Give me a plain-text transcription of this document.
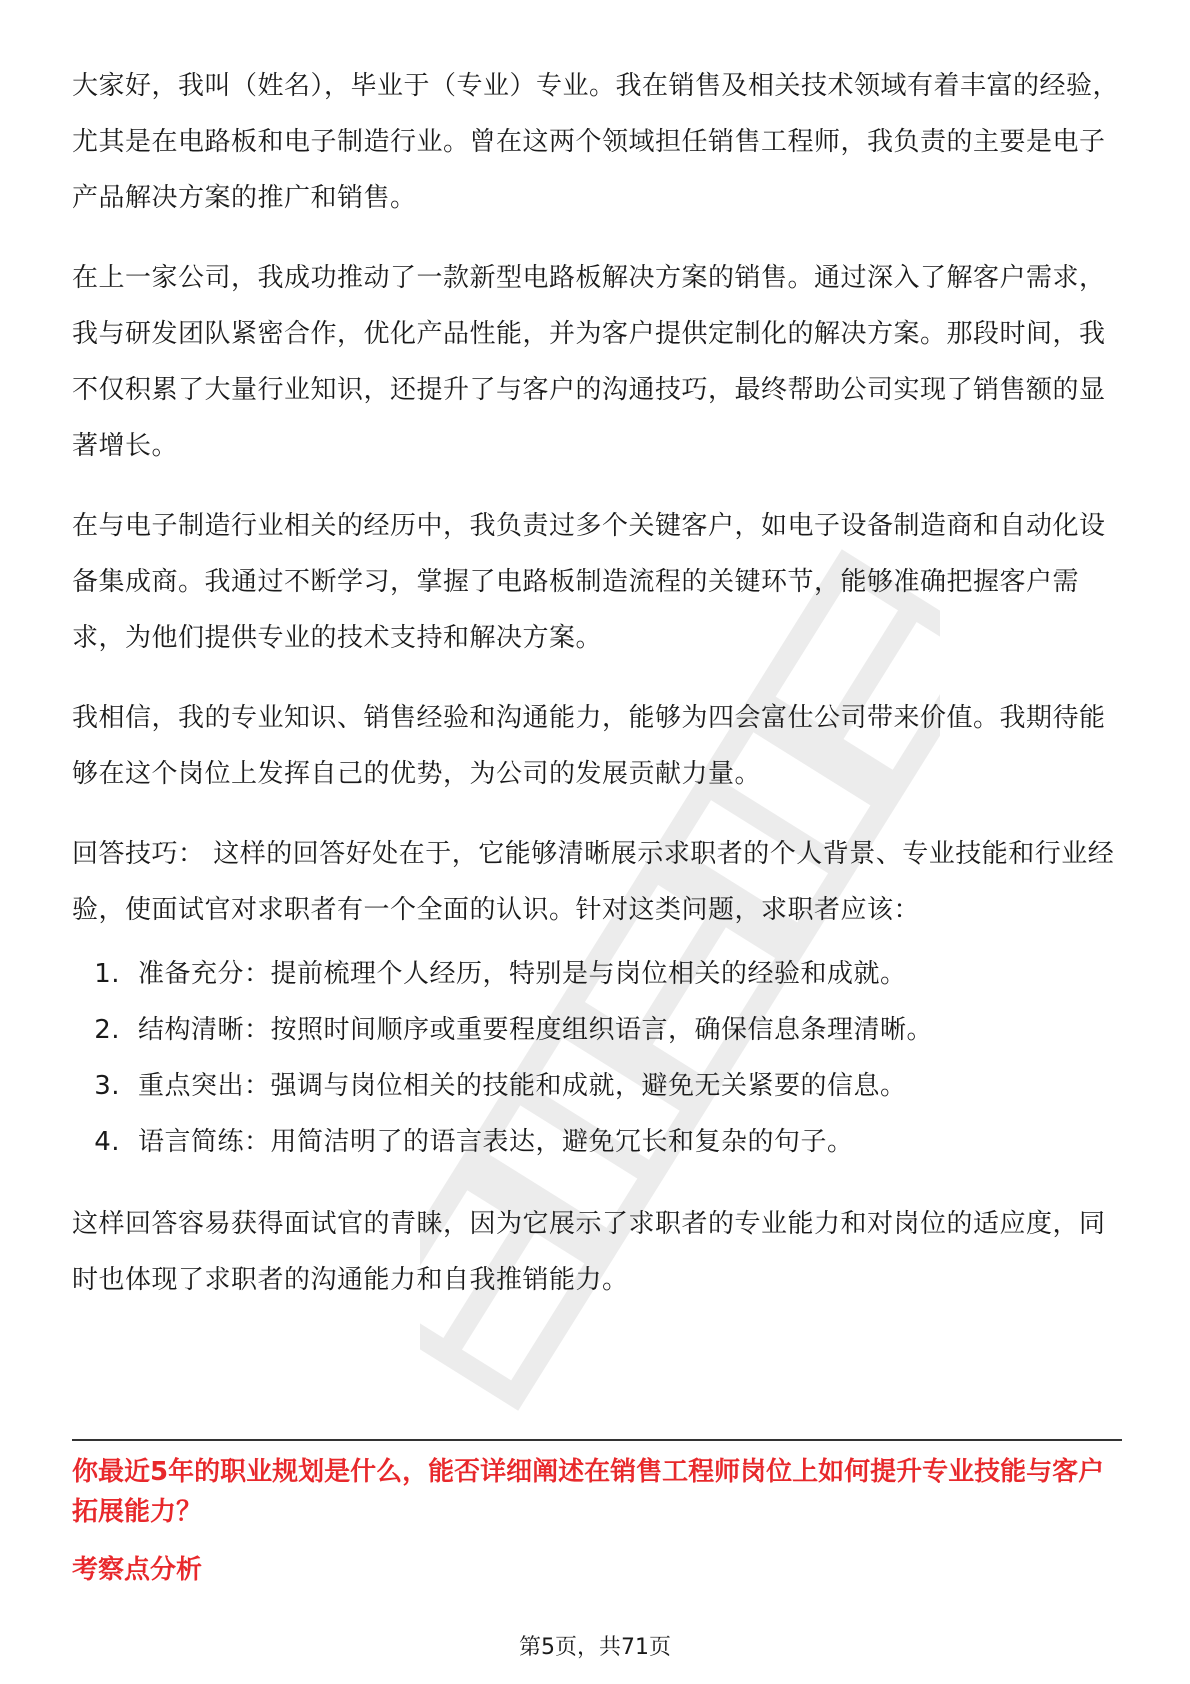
大家好，我叫（姓名），毕业于（专业）专业。我在销售及相关技术领域有着丰富的经验，尤其是在电路板和电子制造行业。曾在这两个领域担任销售工程师，我负责的主要是电子产品解决方案的推广和销售。

在上一家公司，我成功推动了一款新型电路板解决方案的销售。通过深入了解客户需求，我与研发团队紧密合作，优化产品性能，并为客户提供定制化的解决方案。那段时间，我不仅积累了大量行业知识，还提升了与客户的沟通技巧，最终帮助公司实现了销售额的显著增长。

在与电子制造行业相关的经历中，我负责过多个关键客户，如电子设备制造商和自动化设备集成商。我通过不断学习，掌握了电路板制造流程的关键环节，能够准确把握客户需求，为他们提供专业的技术支持和解决方案。

我相信，我的专业知识、销售经验和沟通能力，能够为四会富仕公司带来价值。我期待能够在这个岗位上发挥自己的优势，为公司的发展贡献力量。

回答技巧： 这样的回答好处在于，它能够清晰展示求职者的个人背景、专业技能和行业经验，使面试官对求职者有一个全面的认识。针对这类问题，求职者应该：

1. 准备充分：提前梳理个人经历，特别是与岗位相关的经验和成就。
2. 结构清晰：按照时间顺序或重要程度组织语言，确保信息条理清晰。
3. 重点突出：强调与岗位相关的技能和成就，避免无关紧要的信息。
4. 语言简练：用简洁明了的语言表达，避免冗长和复杂的句子。

这样回答容易获得面试官的青睐，因为它展示了求职者的专业能力和对岗位的适应度，同时也体现了求职者的沟通能力和自我推销能力。

你最近5年的职业规划是什么，能否详细阐述在销售工程师岗位上如何提升专业技能与客户拓展能力？
考察点分析
第5页，共71页
